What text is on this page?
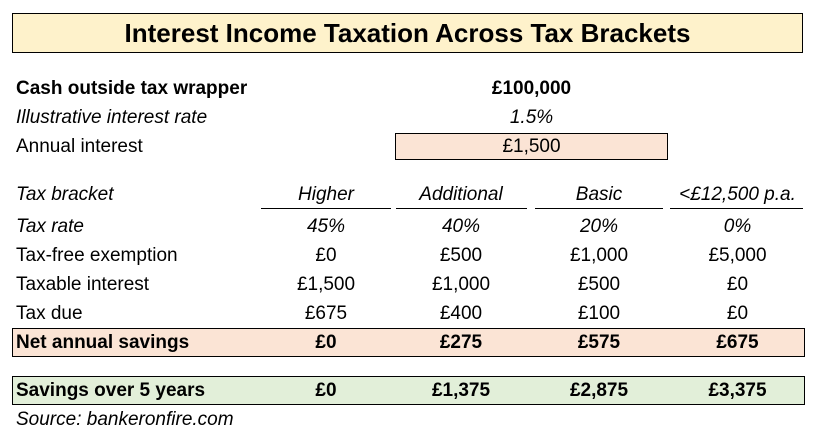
Interest Income Taxation Across Tax Brackets
Cash outside tax wrapper	£100,000
Illustrative interest rate	1.5%
Annual interest	£1,500
Tax bracket	Higher	Additional	Basic	<£12,500 p.a.
Tax rate	45%	40%	20%	0%
Tax-free exemption	£0	£500	£1,000	£5,000
Taxable interest	£1,500	£1,000	£500	£0
Tax due	£675	£400	£100	£0
Net annual savings	£0	£275	£575	£675
Savings over 5 years	£0	£1,375	£2,875	£3,375
Source: bankeronfire.com
